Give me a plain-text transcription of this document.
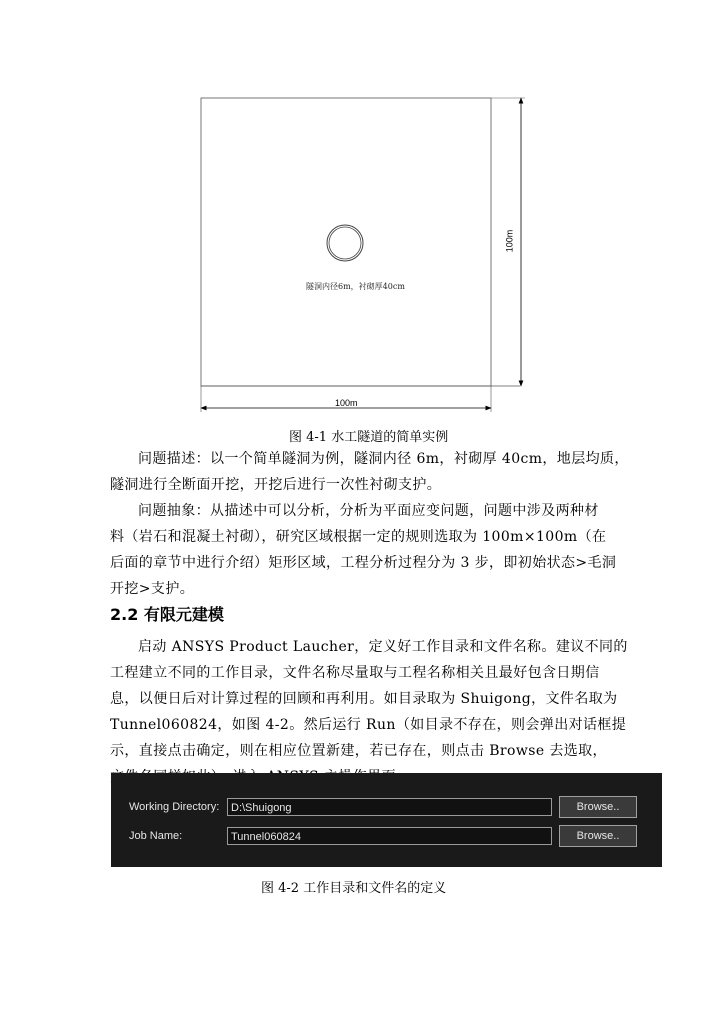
隧洞内径6m，衬砌厚40cm
100m
100m
图 4-1 水工隧道的简单实例
问题描述：以一个简单隧洞为例，隧洞内径 6m，衬砌厚 40cm，地层均质，
隧洞进行全断面开挖，开挖后进行一次性衬砌支护。
问题抽象：从描述中可以分析，分析为平面应变问题，问题中涉及两种材
料（岩石和混凝土衬砌），研究区域根据一定的规则选取为 100m×100m（在
后面的章节中进行介绍）矩形区域，工程分析过程分为 3 步，即初始状态>毛洞
开挖>支护。
2.2 有限元建模
启动 ANSYS Product Laucher，定义好工作目录和文件名称。建议不同的
工程建立不同的工作目录，文件名称尽量取与工程名称相关且最好包含日期信
息，以便日后对计算过程的回顾和再利用。如目录取为 Shuigong，文件名取为
Tunnel060824，如图 4-2。然后运行 Run（如目录不存在，则会弹出对话框提
示，直接点击确定，则在相应位置新建，若已存在，则点击 Browse 去选取，
Working Directory:	D:\Shuigong	Browse..
Job Name:	Tunnel060824	Browse..
图 4-2 工作目录和文件名的定义
